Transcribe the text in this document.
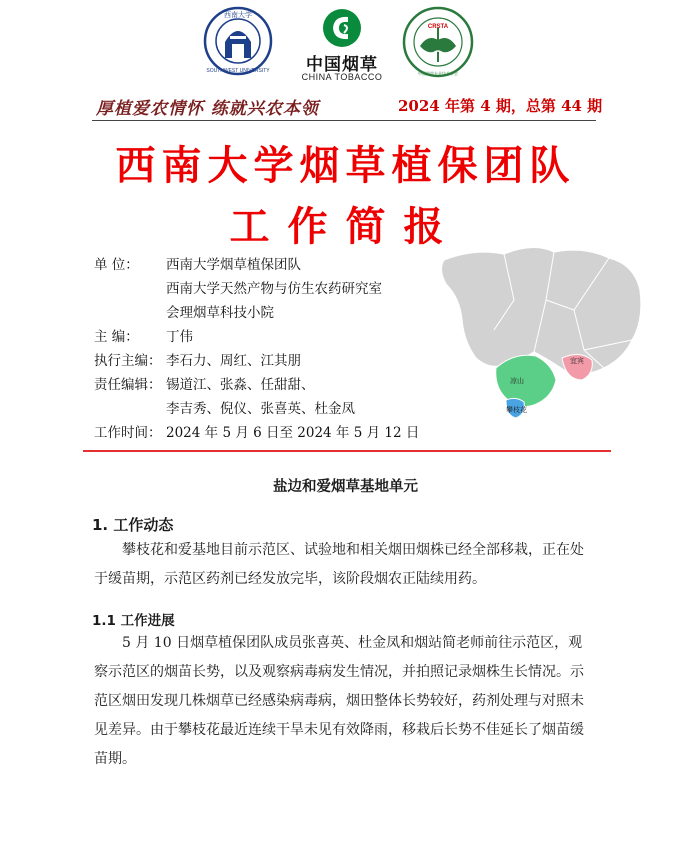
SOUTHWEST UNIVERSITY
西南大学
中国烟草
CHINA TOBACCO
CRSTA
中国烟草专业技术学会
厚植爱农情怀 练就兴农本领	2024 年第 4 期，总第 44 期
西南大学烟草植保团队
工作简报
单 位： 西南大学烟草植保团队
西南大学天然产物与仿生农药研究室
会理烟草科技小院
主 编： 丁伟
执行主编： 李石力、周红、江其朋
责任编辑： 锡道江、张淼、任甜甜、
李吉秀、倪仪、张喜英、杜金凤
工作时间： 2024 年 5 月 6 日至 2024 年 5 月 12 日
凉山
攀枝花
宜宾
盐边和爱烟草基地单元
1. 工作动态
攀枝花和爱基地目前示范区、试验地和相关烟田烟株已经全部移栽，正在处
于缓苗期，示范区药剂已经发放完毕，该阶段烟农正陆续用药。
1.1 工作进展
5 月 10 日烟草植保团队成员张喜英、杜金凤和烟站简老师前往示范区，观
察示范区的烟苗长势，以及观察病毒病发生情况，并拍照记录烟株生长情况。示
范区烟田发现几株烟草已经感染病毒病，烟田整体长势较好，药剂处理与对照未
见差异。由于攀枝花最近连续干旱未见有效降雨，移栽后长势不佳延长了烟苗缓
苗期。
